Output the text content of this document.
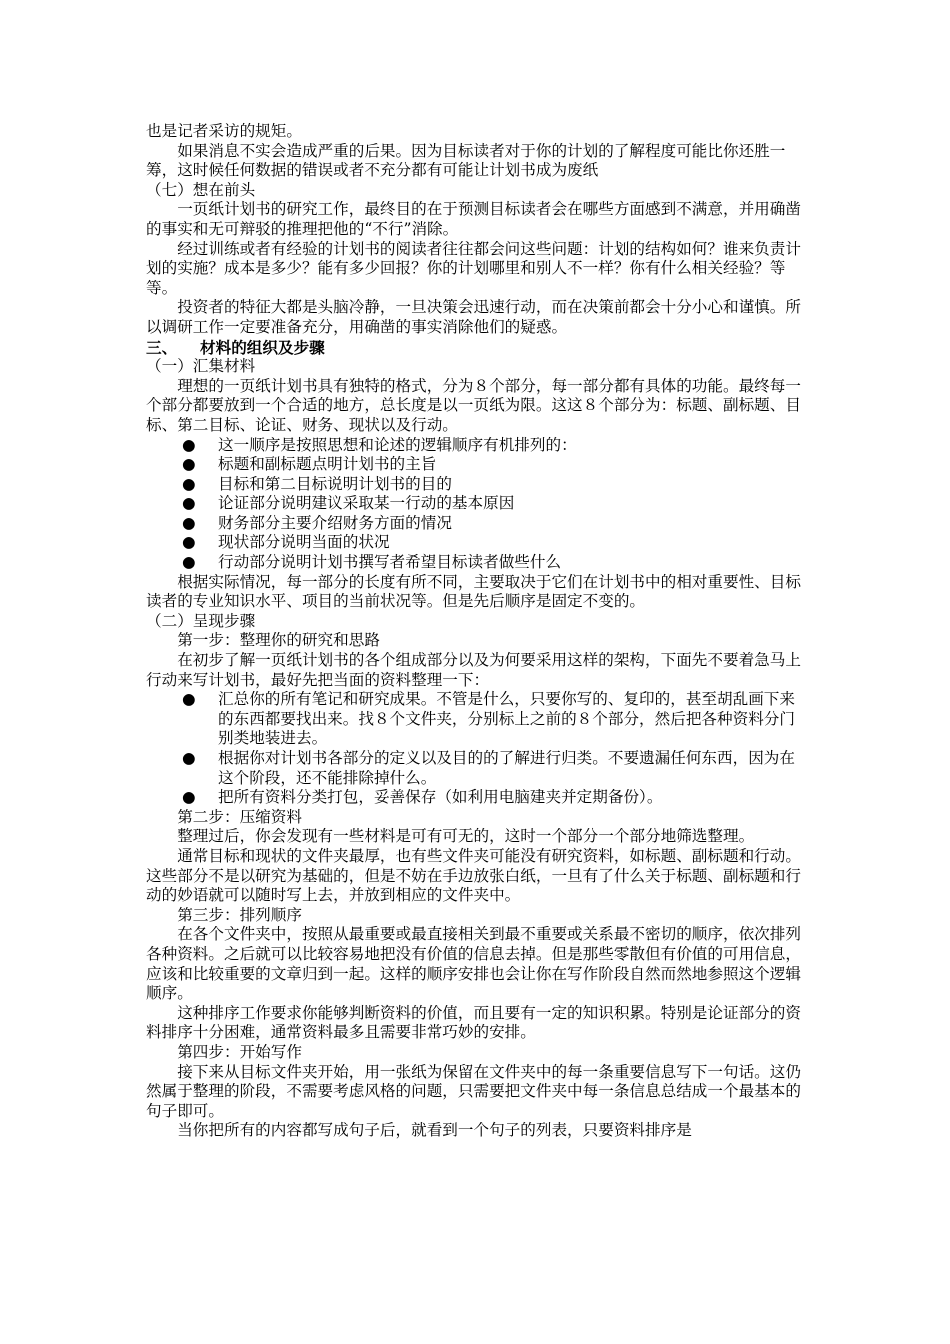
也是记者采访的规矩。
如果消息不实会造成严重的后果。因为目标读者对于你的计划的了解程度可能比你还胜一筹，这时候任何数据的错误或者不充分都有可能让计划书成为废纸
（七）想在前头
一页纸计划书的研究工作，最终目的在于预测目标读者会在哪些方面感到不满意，并用确凿的事实和无可辩驳的推理把他的“不行”消除。
经过训练或者有经验的计划书的阅读者往往都会问这些问题：计划的结构如何？谁来负责计划的实施？成本是多少？能有多少回报？你的计划哪里和别人不一样？你有什么相关经验？等等。
投资者的特征大都是头脑冷静，一旦决策会迅速行动，而在决策前都会十分小心和谨慎。所以调研工作一定要准备充分，用确凿的事实消除他们的疑惑。
三、	材料的组织及步骤
（一）汇集材料
理想的一页纸计划书具有独特的格式，分为８个部分，每一部分都有具体的功能。最终每一个部分都要放到一个合适的地方，总长度是以一页纸为限。这这８个部分为：标题、副标题、目标、第二目标、论证、财务、现状以及行动。
●	这一顺序是按照思想和论述的逻辑顺序有机排列的：
●	标题和副标题点明计划书的主旨
●	目标和第二目标说明计划书的目的
●	论证部分说明建议采取某一行动的基本原因
●	财务部分主要介绍财务方面的情况
●	现状部分说明当面的状况
●	行动部分说明计划书撰写者希望目标读者做些什么
根据实际情况，每一部分的长度有所不同，主要取决于它们在计划书中的相对重要性、目标读者的专业知识水平、项目的当前状况等。但是先后顺序是固定不变的。
（二）呈现步骤
第一步：整理你的研究和思路
在初步了解一页纸计划书的各个组成部分以及为何要采用这样的架构，下面先不要着急马上行动来写计划书，最好先把当面的资料整理一下：
●	汇总你的所有笔记和研究成果。不管是什么，只要你写的、复印的，甚至胡乱画下来的东西都要找出来。找８个文件夹，分别标上之前的８个部分，然后把各种资料分门别类地装进去。
●	根据你对计划书各部分的定义以及目的的了解进行归类。不要遗漏任何东西，因为在这个阶段，还不能排除掉什么。
●	把所有资料分类打包，妥善保存（如利用电脑建夹并定期备份）。
第二步：压缩资料
整理过后，你会发现有一些材料是可有可无的，这时一个部分一个部分地筛选整理。
通常目标和现状的文件夹最厚，也有些文件夹可能没有研究资料，如标题、副标题和行动。这些部分不是以研究为基础的，但是不妨在手边放张白纸，一旦有了什么关于标题、副标题和行动的妙语就可以随时写上去，并放到相应的文件夹中。
第三步：排列顺序
在各个文件夹中，按照从最重要或最直接相关到最不重要或关系最不密切的顺序，依次排列各种资料。之后就可以比较容易地把没有价值的信息去掉。但是那些零散但有价值的可用信息，应该和比较重要的文章归到一起。这样的顺序安排也会让你在写作阶段自然而然地参照这个逻辑顺序。
这种排序工作要求你能够判断资料的价值，而且要有一定的知识积累。特别是论证部分的资料排序十分困难，通常资料最多且需要非常巧妙的安排。
第四步：开始写作
接下来从目标文件夹开始，用一张纸为保留在文件夹中的每一条重要信息写下一句话。这仍然属于整理的阶段，不需要考虑风格的问题，只需要把文件夹中每一条信息总结成一个最基本的句子即可。
当你把所有的内容都写成句子后，就看到一个句子的列表，只要资料排序是
